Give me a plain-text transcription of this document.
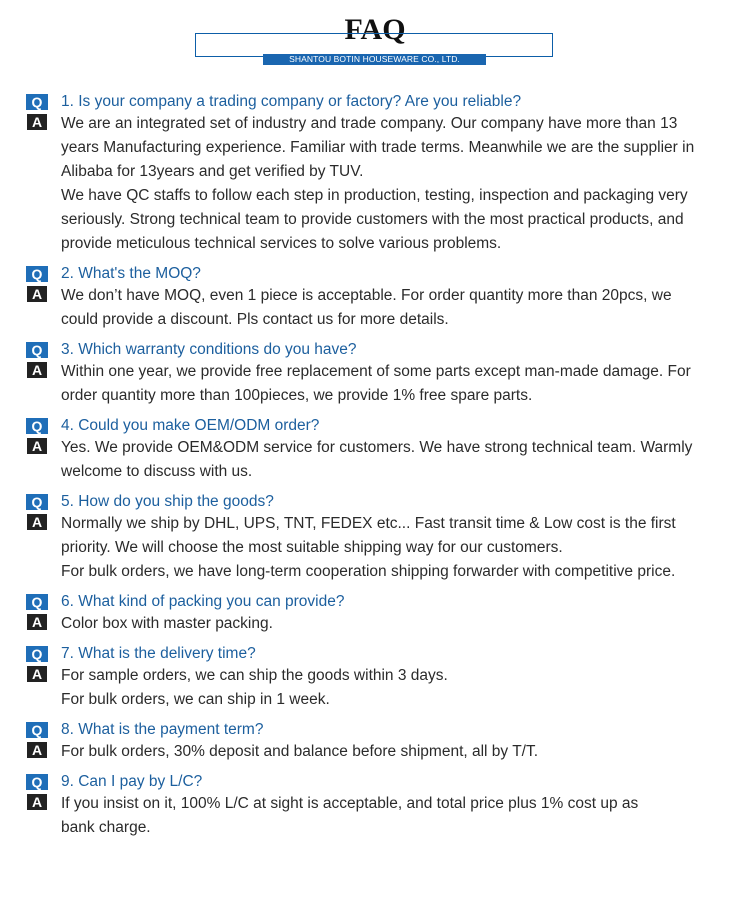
FAQ
SHANTOU BOTIN HOUSEWARE CO., LTD.
Q	1. Is your company a trading company or factory? Are you reliable?
A	We are an integrated set of industry and trade company. Our company have more than 13
years Manufacturing experience. Familiar with trade terms. Meanwhile we are the supplier in
Alibaba for 13years and get verified by TUV.
We have QC staffs to follow each step in production, testing, inspection and packaging very
seriously. Strong technical team to provide customers with the most practical products, and
provide meticulous technical services to solve various problems.
Q	2. What's the MOQ?
A	We don’t have MOQ, even 1 piece is acceptable. For order quantity more than 20pcs, we
could provide a discount. Pls contact us for more details.
Q	3. Which warranty conditions do you have?
A	Within one year, we provide free replacement of some parts except man-made damage. For
order quantity more than 100pieces, we provide 1% free spare parts.
Q	4. Could you make OEM/ODM order?
A	Yes. We provide OEM&ODM service for customers. We have strong technical team. Warmly
welcome to discuss with us.
Q	5. How do you ship the goods?
A	Normally we ship by DHL, UPS, TNT, FEDEX etc... Fast transit time & Low cost is the first
priority. We will choose the most suitable shipping way for our customers.
For bulk orders, we have long-term cooperation shipping forwarder with competitive price.
Q	6. What kind of packing you can provide?
A	Color box with master packing.
Q	7. What is the delivery time?
A	For sample orders, we can ship the goods within 3 days.
For bulk orders, we can ship in 1 week.
Q	8. What is the payment term?
A	For bulk orders, 30% deposit and balance before shipment, all by T/T.
Q	9. Can I pay by L/C?
A	If you insist on it, 100% L/C at sight is acceptable, and total price plus 1% cost up as
bank charge.
